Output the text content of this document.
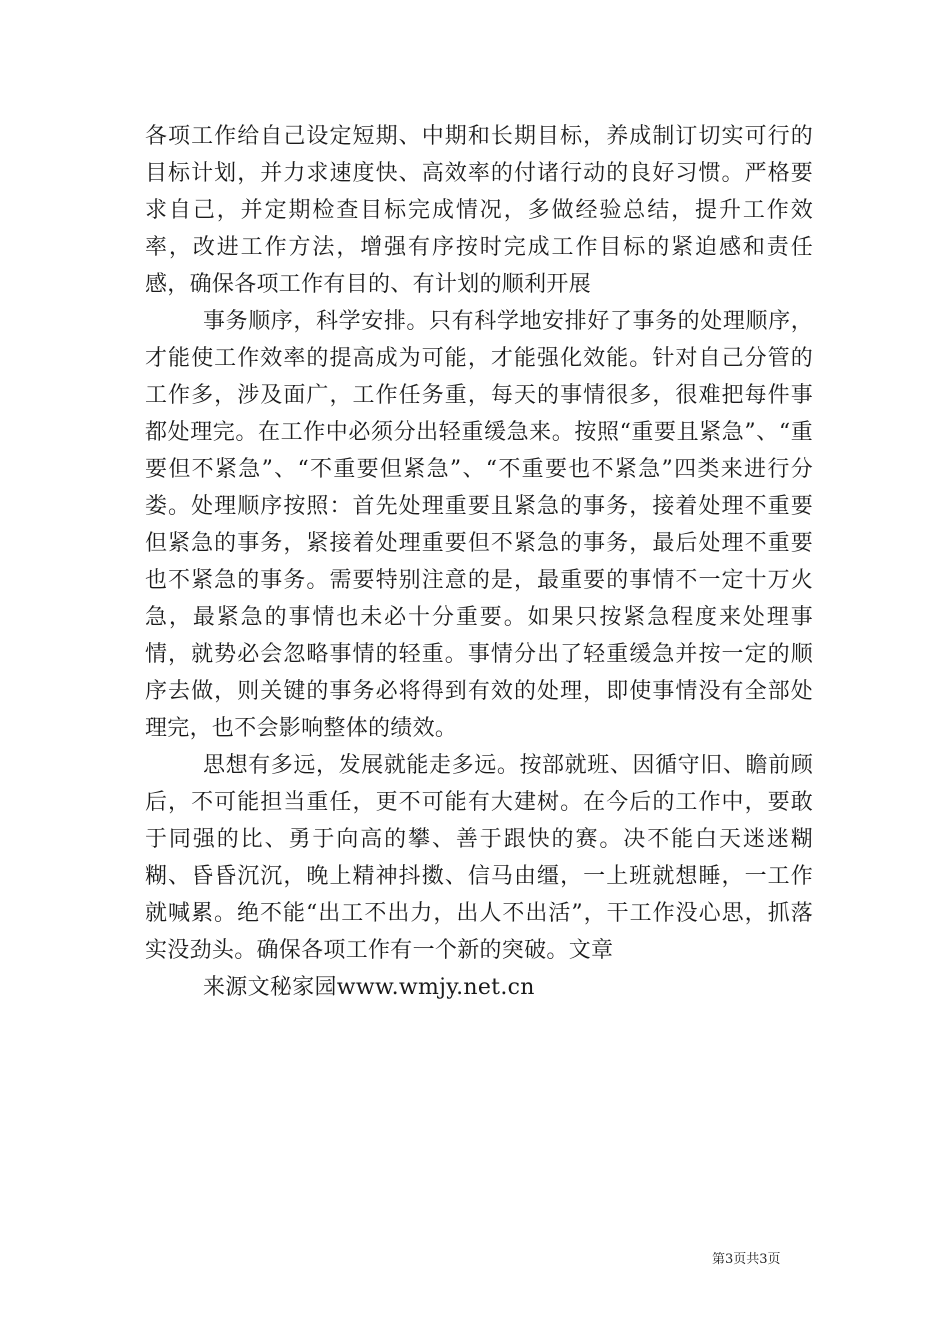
各项工作给自己设定短期、中期和长期目标，养成制订切实可行的目标计划，并力求速度快、高效率的付诸行动的良好习惯。严格要求自己，并定期检查目标完成情况，多做经验总结，提升工作效率，改进工作方法，增强有序按时完成工作目标的紧迫感和责任感，确保各项工作有目的、有计划的顺利开展

事务顺序，科学安排。只有科学地安排好了事务的处理顺序，才能使工作效率的提高成为可能，才能强化效能。针对自己分管的工作多，涉及面广，工作任务重，每天的事情很多，很难把每件事都处理完。在工作中必须分出轻重缓急来。按照“重要且紧急”、“重要但不紧急”、“不重要但紧急”、“不重要也不紧急”四类来进行分娄。处理顺序按照：首先处理重要且紧急的事务，接着处理不重要但紧急的事务，紧接着处理重要但不紧急的事务，最后处理不重要也不紧急的事务。需要特别注意的是，最重要的事情不一定十万火急，最紧急的事情也未必十分重要。如果只按紧急程度来处理事情，就势必会忽略事情的轻重。事情分出了轻重缓急并按一定的顺序去做，则关键的事务必将得到有效的处理，即使事情没有全部处理完，也不会影响整体的绩效。

思想有多远，发展就能走多远。按部就班、因循守旧、瞻前顾后，不可能担当重任，更不可能有大建树。在今后的工作中，要敢于同强的比、勇于向高的攀、善于跟快的赛。决不能白天迷迷糊糊、昏昏沉沉，晚上精神抖擞、信马由缰，一上班就想睡，一工作就喊累。绝不能“出工不出力，出人不出活”，干工作没心思，抓落实没劲头。确保各项工作有一个新的突破。文章

来源文秘家园www.wmjy.net.cn

第3页共3页
